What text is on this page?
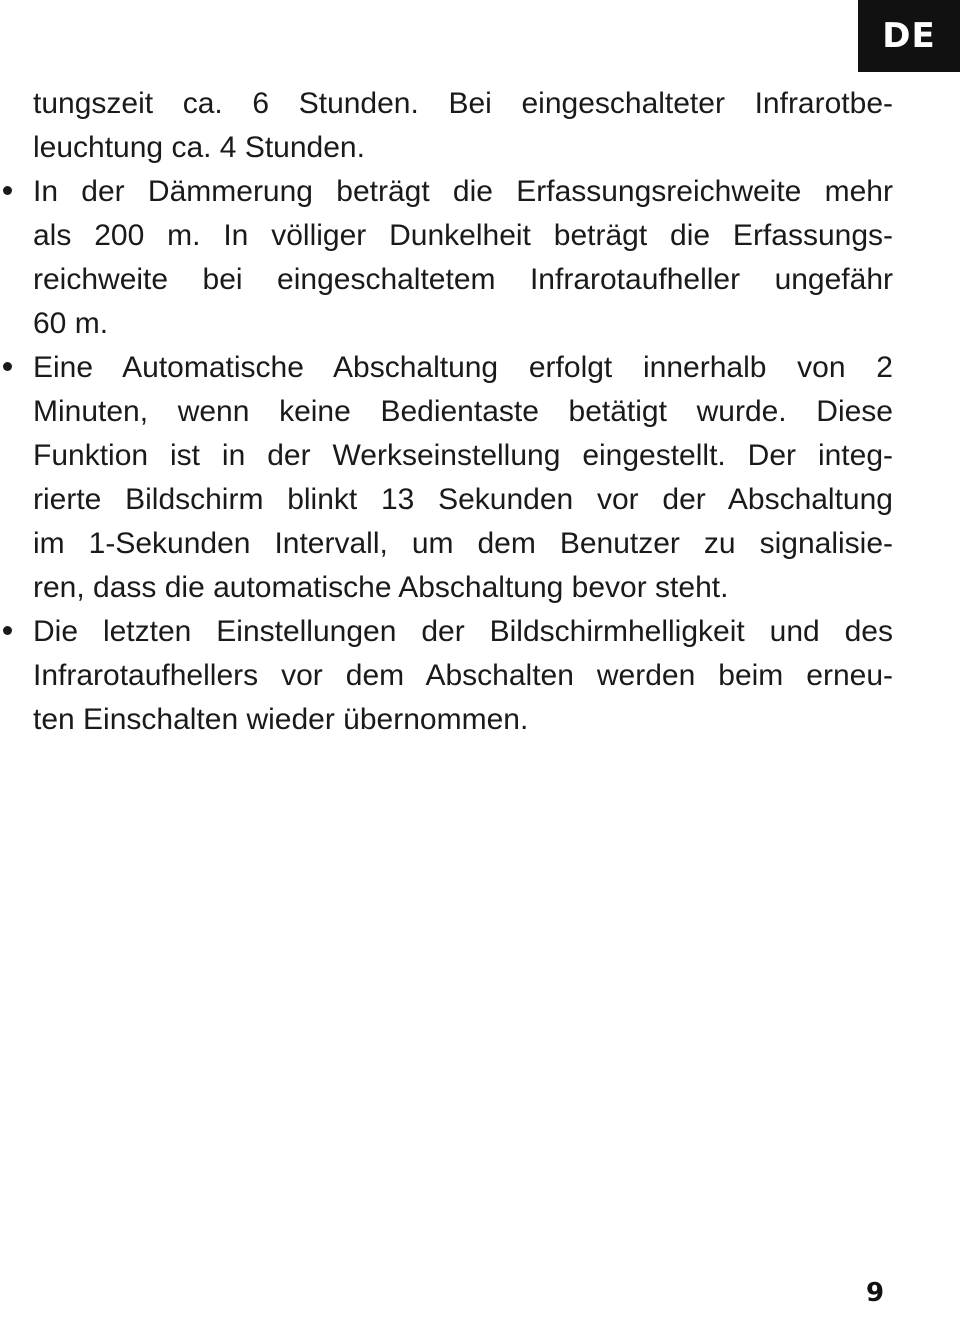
DE
tungszeit ca. 6 Stunden. Bei eingeschalteter Infrarotbe-
leuchtung ca. 4 Stunden.
In der Dämmerung beträgt die Erfassungsreichweite mehr
als 200 m. In völliger Dunkelheit beträgt die Erfassungs-
reichweite bei eingeschaltetem Infrarotaufheller ungefähr
60 m.
Eine Automatische Abschaltung erfolgt innerhalb von 2
Minuten, wenn keine Bedientaste betätigt wurde. Diese
Funktion ist in der Werkseinstellung eingestellt. Der integ-
rierte Bildschirm blinkt 13 Sekunden vor der Abschaltung
im 1-Sekunden Intervall, um dem Benutzer zu signalisie-
ren, dass die automatische Abschaltung bevor steht.
Die letzten Einstellungen der Bildschirmhelligkeit und des
Infrarotaufhellers vor dem Abschalten werden beim erneu-
ten Einschalten wieder übernommen.
9
